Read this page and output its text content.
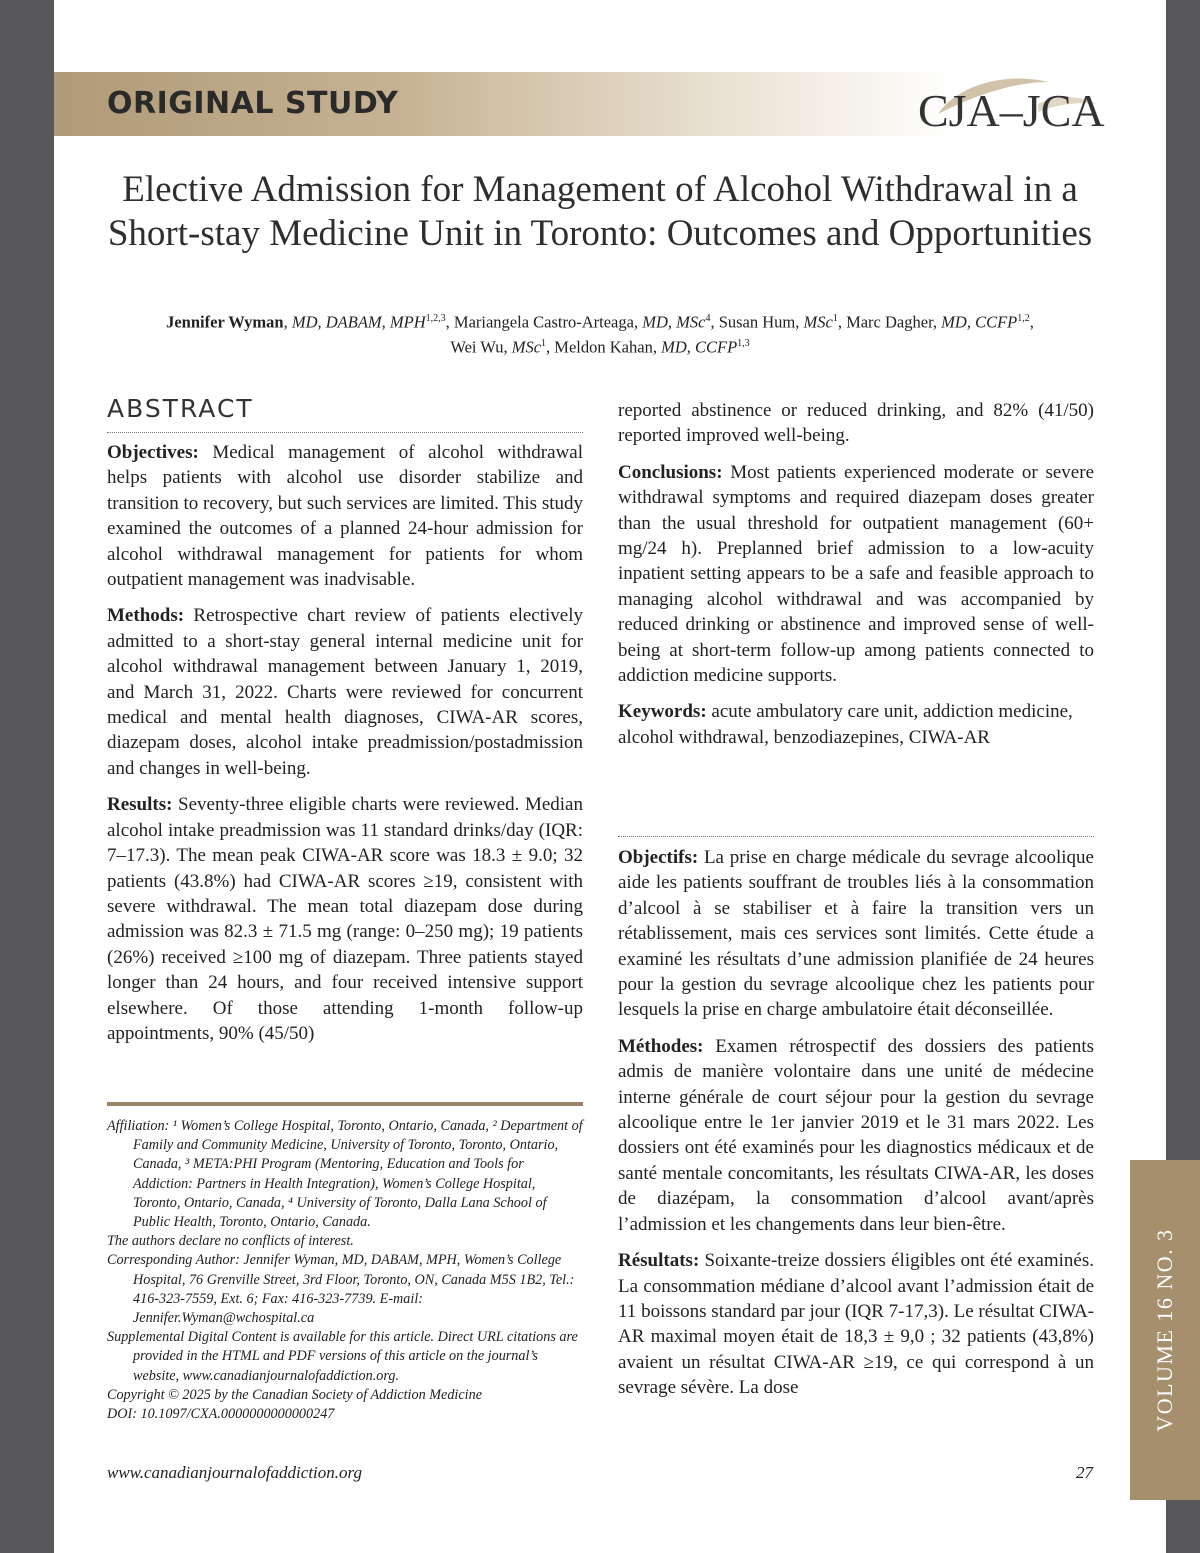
ORIGINAL STUDY	CJA–JCA
Elective Admission for Management of Alcohol Withdrawal in a Short-stay Medicine Unit in Toronto: Outcomes and Opportunities
Jennifer Wyman, MD, DABAM, MPH$^{1,2,3}$, Mariangela Castro-Arteaga, MD, MSc$^4$, Susan Hum, MSc$^1$, Marc Dagher, MD, CCFP$^{1,2}$,
Wei Wu, MSc$^1$, Meldon Kahan, MD, CCFP$^{1,3}$
ABSTRACT

Objectives: Medical management of alcohol withdrawal helps patients with alcohol use disorder stabilize and transition to recovery, but such services are limited. This study examined the outcomes of a planned 24-hour admission for alcohol withdrawal management for patients for whom outpatient management was inadvisable.

Methods: Retrospective chart review of patients electively admitted to a short-stay general internal medicine unit for alcohol withdrawal management between January 1, 2019, and March 31, 2022. Charts were reviewed for concurrent medical and mental health diagnoses, CIWA-AR scores, diazepam doses, alcohol intake preadmission/postadmission and changes in well-being.

Results: Seventy-three eligible charts were reviewed. Median alcohol intake preadmission was 11 standard drinks/day (IQR: 7–17.3). The mean peak CIWA-AR score was 18.3 ± 9.0; 32 patients (43.8%) had CIWA-AR scores ≥19, consistent with severe withdrawal. The mean total diazepam dose during admission was 82.3 ± 71.5 mg (range: 0–250 mg); 19 patients (26%) received ≥100 mg of diazepam. Three patients stayed longer than 24 hours, and four received intensive support elsewhere. Of those attending 1-month follow-up appointments, 90% (45/50)

reported abstinence or reduced drinking, and 82% (41/50) reported improved well-being.

Conclusions: Most patients experienced moderate or severe withdrawal symptoms and required diazepam doses greater than the usual threshold for outpatient management (60+ mg/24 h). Preplanned brief admission to a low-acuity inpatient setting appears to be a safe and feasible approach to managing alcohol withdrawal and was accompanied by reduced drinking or abstinence and improved sense of well-being at short-term follow-up among patients connected to addiction medicine supports.

Keywords: acute ambulatory care unit, addiction medicine, alcohol withdrawal, benzodiazepines, CIWA-AR

Objectifs: La prise en charge médicale du sevrage alcoolique aide les patients souffrant de troubles liés à la consommation d’alcool à se stabiliser et à faire la transition vers un rétablissement, mais ces services sont limités. Cette étude a examiné les résultats d’une admission planifiée de 24 heures pour la gestion du sevrage alcoolique chez les patients pour lesquels la prise en charge ambulatoire était déconseillée.

Méthodes: Examen rétrospectif des dossiers des patients admis de manière volontaire dans une unité de médecine interne générale de court séjour pour la gestion du sevrage alcoolique entre le 1er janvier 2019 et le 31 mars 2022. Les dossiers ont été examinés pour les diagnostics médicaux et de santé mentale concomitants, les résultats CIWA-AR, les doses de diazépam, la consommation d’alcool avant/après l’admission et les changements dans leur bien-être.

Résultats: Soixante-treize dossiers éligibles ont été examinés. La consommation médiane d’alcool avant l’admission était de 11 boissons standard par jour (IQR 7-17,3). Le résultat CIWA-AR maximal moyen était de 18,3 ± 9,0 ; 32 patients (43,8%) avaient un résultat CIWA-AR ≥19, ce qui correspond à un sevrage sévère. La dose

Affiliation: ¹ Women’s College Hospital, Toronto, Ontario, Canada, ² Department of Family and Community Medicine, University of Toronto, Toronto, Ontario, Canada, ³ META:PHI Program (Mentoring, Education and Tools for Addiction: Partners in Health Integration), Women’s College Hospital, Toronto, Ontario, Canada, ⁴ University of Toronto, Dalla Lana School of Public Health, Toronto, Ontario, Canada.

The authors declare no conflicts of interest.

Corresponding Author: Jennifer Wyman, MD, DABAM, MPH, Women’s College Hospital, 76 Grenville Street, 3rd Floor, Toronto, ON, Canada M5S 1B2, Tel.: 416-323-7559, Ext. 6; Fax: 416-323-7739. E-mail: Jennifer.Wyman@wchospital.ca

Supplemental Digital Content is available for this article. Direct URL citations are provided in the HTML and PDF versions of this article on the journal’s website, www.canadianjournalofaddiction.org.

Copyright © 2025 by the Canadian Society of Addiction Medicine

DOI: 10.1097/CXA.0000000000000247

www.canadianjournalofaddiction.org	27
VOLUME 16 NO. 3
